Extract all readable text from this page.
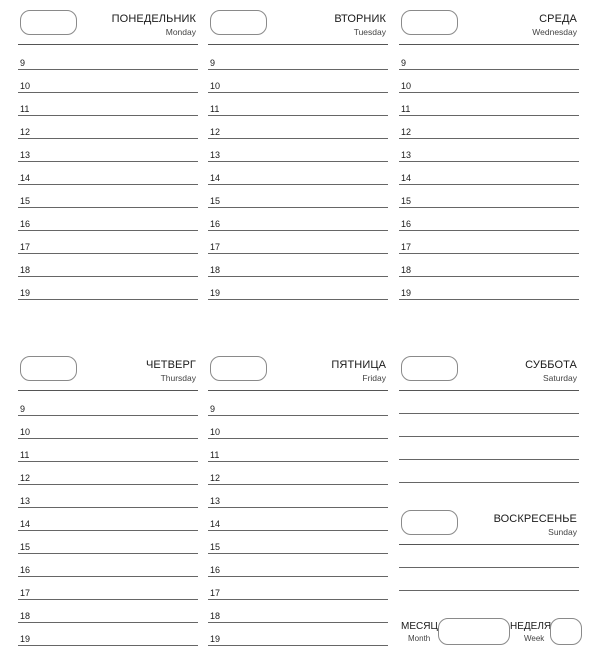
ПОНЕДЕЛЬНИК
Monday
9
10
11
12
13
14
15
16
17
18
19
ВТОРНИК
Tuesday
9
10
11
12
13
14
15
16
17
18
19
СРЕДА
Wednesday
9
10
11
12
13
14
15
16
17
18
19
ЧЕТВЕРГ
Thursday
9
10
11
12
13
14
15
16
17
18
19
ПЯТНИЦА
Friday
9
10
11
12
13
14
15
16
17
18
19
СУББОТА
Saturday
ВОСКРЕСЕНЬЕ
Sunday
МЕСЯЦ
Month
НЕДЕЛЯ
Week
